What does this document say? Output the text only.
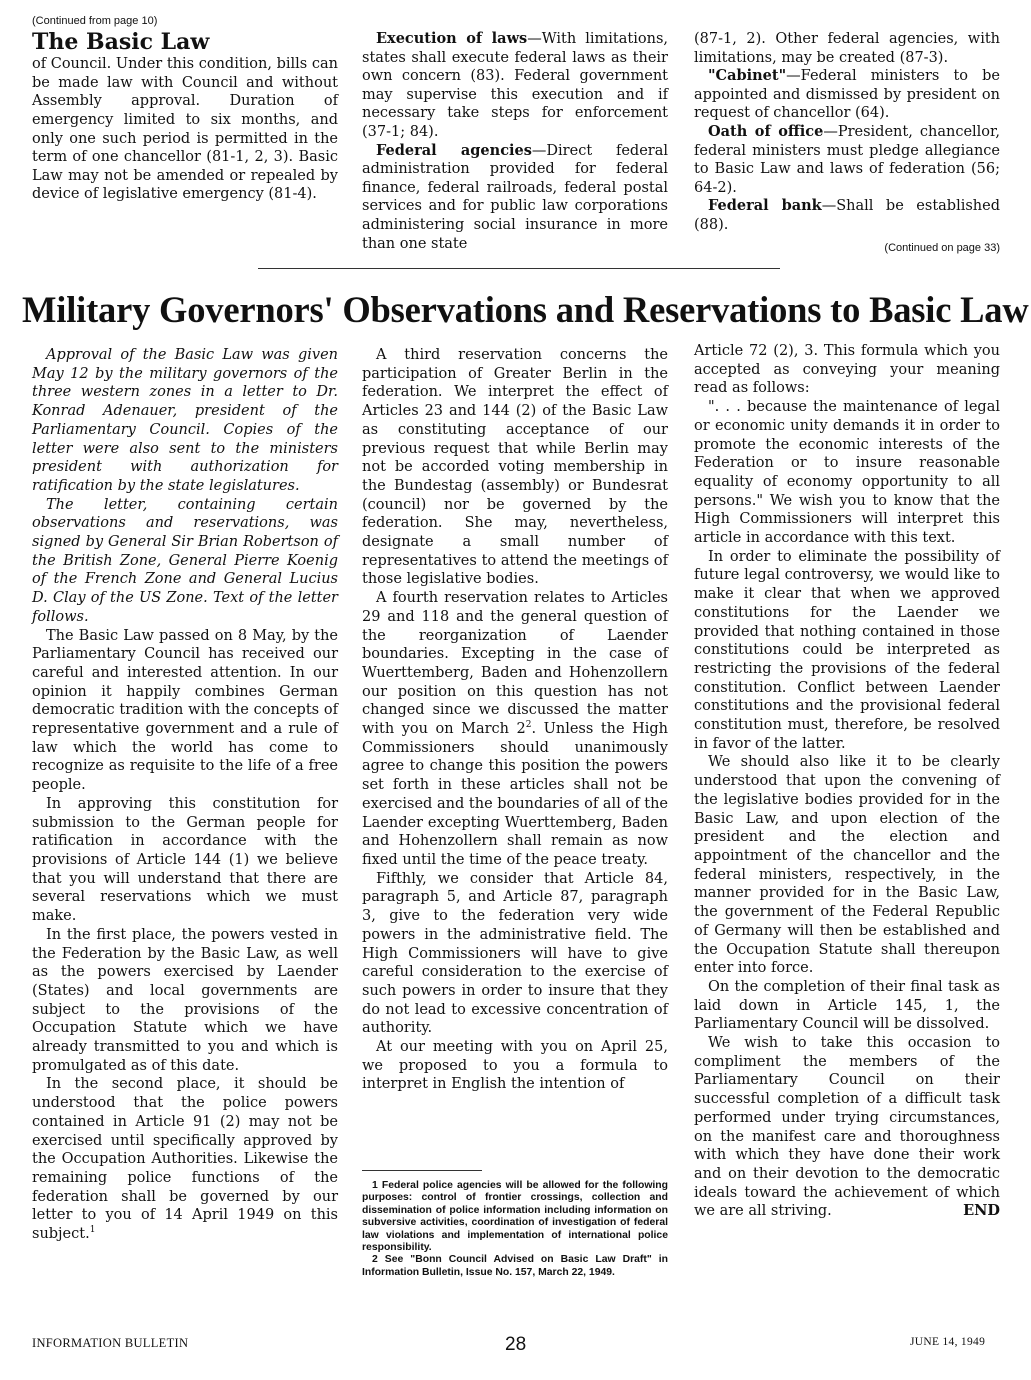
(Continued from page 10)
The Basic Law

of Council. Under this condition, bills can be made law with Council and without Assembly approval. Duration of emergency limited to six months, and only one such period is permitted in the term of one chancellor (81-1, 2, 3). Basic Law may not be amended or repealed by device of legislative emergency (81-4).

Execution of laws—With limitations, states shall execute federal laws as their own concern (83). Federal government may supervise this execution and if necessary take steps for enforcement (37-1; 84).

Federal agencies—Direct federal administration provided for federal finance, federal railroads, federal postal services and for public law corporations administering social insurance in more than one state

(87-1, 2). Other federal agencies, with limitations, may be created (87-3).

"Cabinet"—Federal ministers to be appointed and dismissed by president on request of chancellor (64).

Oath of office—President, chancellor, federal ministers must pledge allegiance to Basic Law and laws of federation (56; 64-2).

Federal bank—Shall be established (88).

(Continued on page 33)
Military Governors' Observations and Reservations to Basic Law

Approval of the Basic Law was given May 12 by the military governors of the three western zones in a letter to Dr. Konrad Adenauer, president of the Parliamentary Council. Copies of the letter were also sent to the ministers president with authorization for ratification by the state legislatures.

The letter, containing certain observations and reservations, was signed by General Sir Brian Robertson of the British Zone, General Pierre Koenig of the French Zone and General Lucius D. Clay of the US Zone. Text of the letter follows.

The Basic Law passed on 8 May, by the Parliamentary Council has received our careful and interested attention. In our opinion it happily combines German democratic tradition with the concepts of representative government and a rule of law which the world has come to recognize as requisite to the life of a free people.

In approving this constitution for submission to the German people for ratification in accordance with the provisions of Article 144 (1) we believe that you will understand that there are several reservations which we must make.

In the first place, the powers vested in the Federation by the Basic Law, as well as the powers exercised by Laender (States) and local governments are subject to the provisions of the Occupation Statute which we have already transmitted to you and which is promulgated as of this date.

In the second place, it should be understood that the police powers contained in Article 91 (2) may not be exercised until specifically approved by the Occupation Authorities. Likewise the remaining police functions of the federation shall be governed by our letter to you of 14 April 1949 on this subject.$^1$

A third reservation concerns the participation of Greater Berlin in the federation. We interpret the effect of Articles 23 and 144 (2) of the Basic Law as constituting acceptance of our previous request that while Berlin may not be accorded voting membership in the Bundestag (assembly) or Bundesrat (council) nor be governed by the federation. She may, nevertheless, designate a small number of representatives to attend the meetings of those legislative bodies.

A fourth reservation relates to Articles 29 and 118 and the general question of the reorganization of Laender boundaries. Excepting in the case of Wuerttemberg, Baden and Hohenzollern our position on this question has not changed since we discussed the matter with you on March $2^2$. Unless the High Commissioners should unanimously agree to change this position the powers set forth in these articles shall not be exercised and the boundaries of all of the Laender excepting Wuerttemberg, Baden and Hohenzollern shall remain as now fixed until the time of the peace treaty.

Fifthly, we consider that Article 84, paragraph 5, and Article 87, paragraph 3, give to the federation very wide powers in the administrative field. The High Commissioners will have to give careful consideration to the exercise of such powers in order to insure that they do not lead to excessive concentration of authority.

At our meeting with you on April 25, we proposed to you a formula to interpret in English the intention of

1 Federal police agencies will be allowed for the following purposes: control of frontier crossings, collection and dissemination of police information including information on subversive activities, coordination of investigation of federal law violations and implementation of international police responsibility.

2 See "Bonn Council Advised on Basic Law Draft" in Information Bulletin, Issue No. 157, March 22, 1949.

Article 72 (2), 3. This formula which you accepted as conveying your meaning read as follows:

". . . because the maintenance of legal or economic unity demands it in order to promote the economic interests of the Federation or to insure reasonable equality of economy opportunity to all persons." We wish you to know that the High Commissioners will interpret this article in accordance with this text.

In order to eliminate the possibility of future legal controversy, we would like to make it clear that when we approved constitutions for the Laender we provided that nothing contained in those constitutions could be interpreted as restricting the provisions of the federal constitution. Conflict between Laender constitutions and the provisional federal constitution must, therefore, be resolved in favor of the latter.

We should also like it to be clearly understood that upon the convening of the legislative bodies provided for in the Basic Law, and upon election of the president and the election and appointment of the chancellor and the federal ministers, respectively, in the manner provided for in the Basic Law, the government of the Federal Republic of Germany will then be established and the Occupation Statute shall thereupon enter into force.

On the completion of their final task as laid down in Article 145, 1, the Parliamentary Council will be dissolved.

We wish to take this occasion to compliment the members of the Parliamentary Council on their successful completion of a difficult task performed under trying circumstances, on the manifest care and thoroughness with which they have done their work and on their devotion to the democratic ideals toward the achievement of which we are all striving.	END

INFORMATION BULLETIN	28	JUNE 14, 1949
